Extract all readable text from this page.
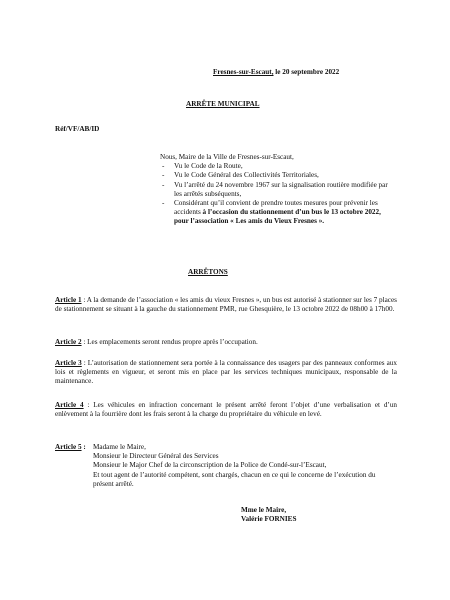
Fresnes-sur-Escaut, le 20 septembre 2022
ARRÊTE MUNICIPAL
Réf/VF/AB/ID

Nous, Maire de la Ville de Fresnes-sur-Escaut,

- Vu le Code de la Route,
- Vu le Code Général des Collectivités Territoriales,
- Vu l’arrêté du 24 novembre 1967 sur la signalisation routière modifiée par les arrêtés subséquents,
- Considérant qu’il convient de prendre toutes mesures pour prévenir les accidents à l’occasion du stationnement d’un bus le 13 octobre 2022, pour l’association « Les amis du Vieux Fresnes ».
ARRÊTONS
Article 1 : A la demande de l’association « les amis du vieux Fresnes », un bus est autorisé à stationner sur les 7 places de stationnement se situant à la gauche du stationnement PMR, rue Ghesquière, le 13 octobre 2022 de 08h00 à 17h00.
Article 2 : Les emplacements seront rendus propre après l’occupation.
Article 3 : L’autorisation de stationnement sera portée à la connaissance des usagers par des panneaux conformes aux lois et règlements en vigueur, et seront mis en place par les services techniques municipaux, responsable de la maintenance.
Article 4 : Les véhicules en infraction concernant le présent arrêté feront l’objet d’une verbalisation et d’un enlèvement à la fourrière dont les frais seront à la charge du propriétaire du véhicule en levé.
Article 5 :	Madame le Maire,

Monsieur le Directeur Général des Services

Monsieur le Major Chef de la circonscription de la Police de Condé-sur-l’Escaut,

Et tout agent de l’autorité compétent, sont chargés, chacun en ce qui le concerne de l’exécution du présent arrêté.

Mme le Maire,

Valérie FORNIES
